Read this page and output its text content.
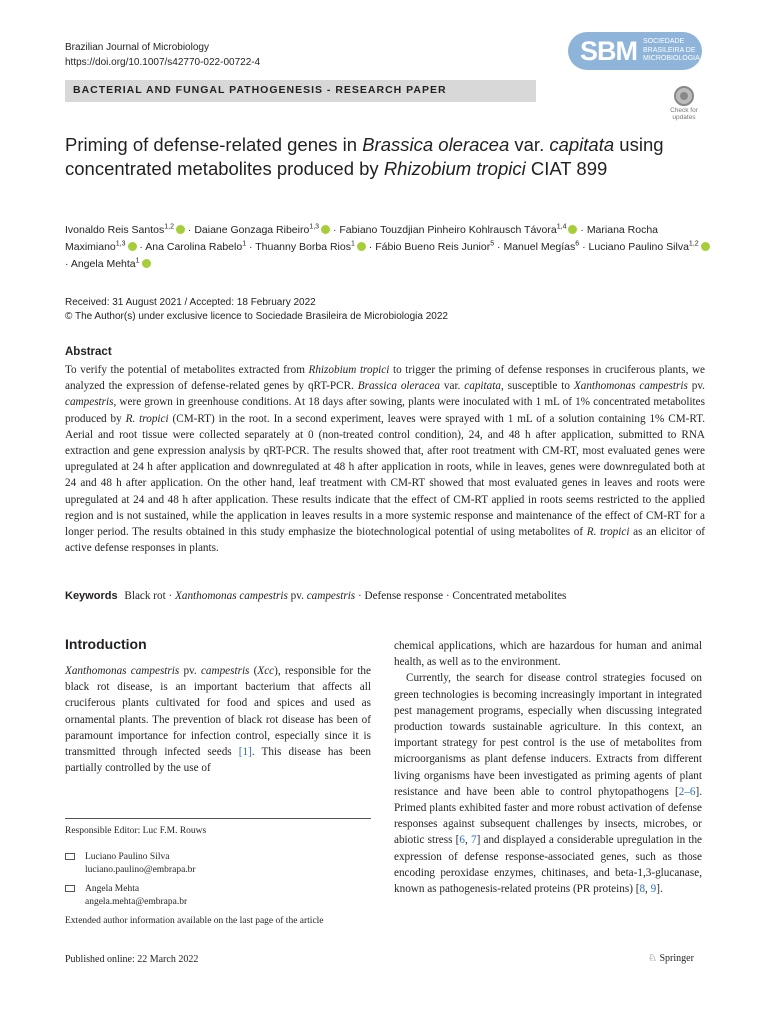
Brazilian Journal of Microbiology
https://doi.org/10.1007/s42770-022-00722-4	SBM SOCIEDADE
BRASILEIRA DE
MICROBIOLOGIA
BACTERIAL AND FUNGAL PATHOGENESIS - RESEARCH PAPER
Check for
updates
Priming of defense-related genes in Brassica oleracea var. capitata using concentrated metabolites produced by Rhizobium tropici CIAT 899
Ivonaldo Reis Santos$^{1,2}$ · Daiane Gonzaga Ribeiro$^{1,3}$ · Fabiano Touzdjian Pinheiro Kohlrausch Távora$^{1,4}$ · Mariana Rocha Maximiano$^{1,3}$ · Ana Carolina Rabelo$^1$ · Thuanny Borba Rios$^1$ · Fábio Bueno Reis Junior$^5$ · Manuel Megías$^6$ · Luciano Paulino Silva$^{1,2}$ · Angela Mehta$^1$
Received: 31 August 2021 / Accepted: 18 February 2022
© The Author(s) under exclusive licence to Sociedade Brasileira de Microbiologia 2022
Abstract
To verify the potential of metabolites extracted from Rhizobium tropici to trigger the priming of defense responses in cruciferous plants, we analyzed the expression of defense-related genes by qRT-PCR. Brassica oleracea var. capitata, susceptible to Xanthomonas campestris pv. campestris, were grown in greenhouse conditions. At 18 days after sowing, plants were inoculated with 1 mL of 1% concentrated metabolites produced by R. tropici (CM-RT) in the root. In a second experiment, leaves were sprayed with 1 mL of a solution containing 1% CM-RT. Aerial and root tissue were collected separately at 0 (non-treated control condition), 24, and 48 h after application, submitted to RNA extraction and gene expression analysis by qRT-PCR. The results showed that, after root treatment with CM-RT, most evaluated genes were upregulated at 24 h after application and downregulated at 48 h after application in roots, while in leaves, genes were downregulated both at 24 and 48 h after application. On the other hand, leaf treatment with CM-RT showed that most evaluated genes in leaves and roots were upregulated at 24 and 48 h after application. These results indicate that the effect of CM-RT applied in roots seems restricted to the applied region and is not sustained, while the application in leaves results in a more systemic response and maintenance of the effect of CM-RT for a longer period. The results obtained in this study emphasize the biotechnological potential of using metabolites of R. tropici as an elicitor of active defense responses in plants.
Keywords Black rot · Xanthomonas campestris pv. campestris · Defense response · Concentrated metabolites
Introduction
Xanthomonas campestris pv. campestris (Xcc), responsible for the black rot disease, is an important bacterium that affects all cruciferous plants cultivated for food and spices and used as ornamental plants. The prevention of black rot disease has been of paramount importance for infection control, especially since it is transmitted through infected seeds [1]. This disease has been partially controlled by the use of

chemical applications, which are hazardous for human and animal health, as well as to the environment.

Currently, the search for disease control strategies focused on green technologies is becoming increasingly important in integrated pest management programs, especially when discussing integrated production towards sustainable agriculture. In this context, an important strategy for pest control is the use of metabolites from microorganisms as plant defense inducers. Extracts from different living organisms have been investigated as priming agents of plant resistance and have been able to control phytopathogens [2–6]. Primed plants exhibited faster and more robust activation of defense responses against subsequent challenges by insects, microbes, or abiotic stress [6, 7] and displayed a considerable upregulation in the expression of defense response-associated genes, such as those encoding peroxidase enzymes, chitinases, and beta-1,3-glucanase, known as pathogenesis-related proteins (PR proteins) [8, 9].

Responsible Editor: Luc F.M. Rouws
Luciano Paulino Silva
luciano.paulino@embrapa.br
Angela Mehta
angela.mehta@embrapa.br
Extended author information available on the last page of the article
Published online: 22 March 2022	♘ Springer
